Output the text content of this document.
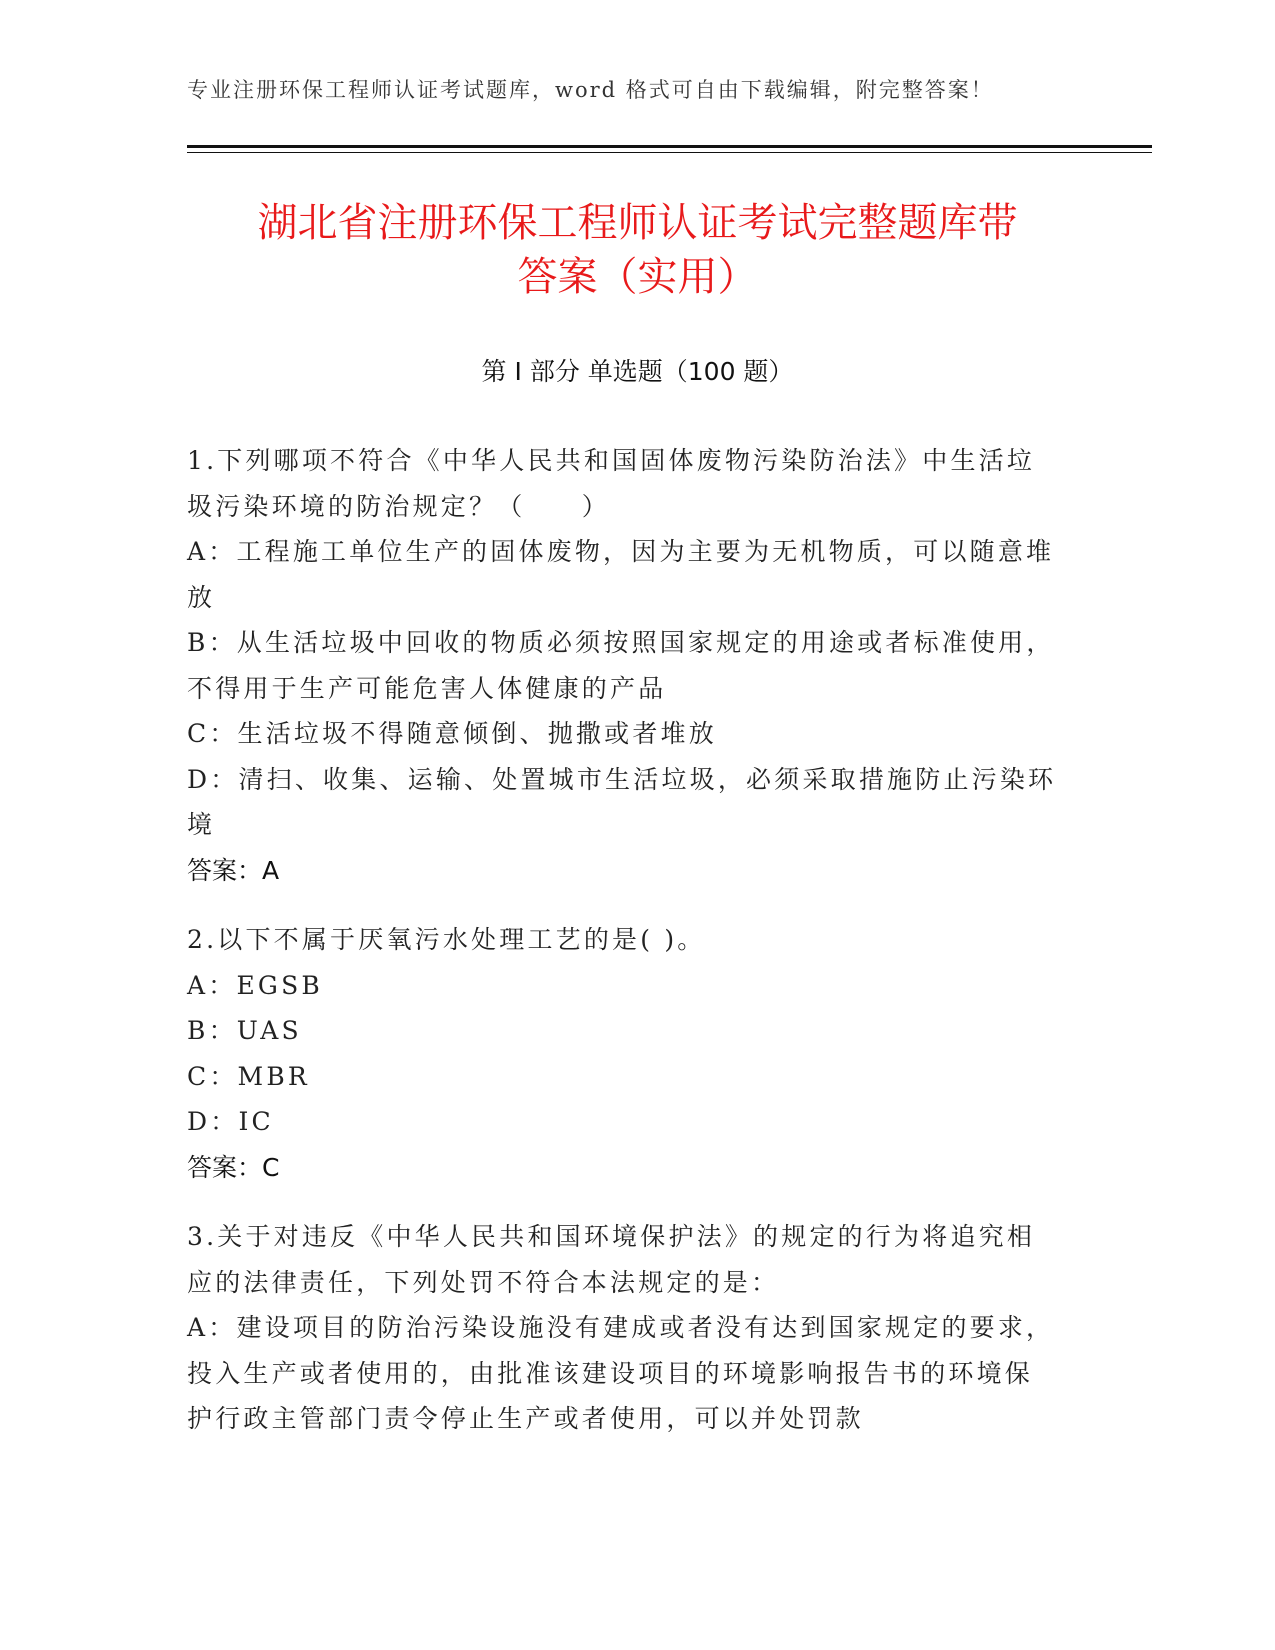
专业注册环保工程师认证考试题库，word 格式可自由下载编辑，附完整答案！
湖北省注册环保工程师认证考试完整题库带
答案（实用）
第 I 部分 单选题（100 题）

1.下列哪项不符合《中华人民共和国固体废物污染防治法》中生活垃

圾污染环境的防治规定？（　　）

A：工程施工单位生产的固体废物，因为主要为无机物质，可以随意堆

放

B：从生活垃圾中回收的物质必须按照国家规定的用途或者标准使用，

不得用于生产可能危害人体健康的产品

C：生活垃圾不得随意倾倒、抛撒或者堆放

D：清扫、收集、运输、处置城市生活垃圾，必须采取措施防止污染环

境

答案：A

2.以下不属于厌氧污水处理工艺的是( )。

A：EGSB

B：UAS

C：MBR

D：IC

答案：C

3.关于对违反《中华人民共和国环境保护法》的规定的行为将追究相

应的法律责任，下列处罚不符合本法规定的是：

A：建设项目的防治污染设施没有建成或者没有达到国家规定的要求，

投入生产或者使用的，由批准该建设项目的环境影响报告书的环境保

护行政主管部门责令停止生产或者使用，可以并处罚款
